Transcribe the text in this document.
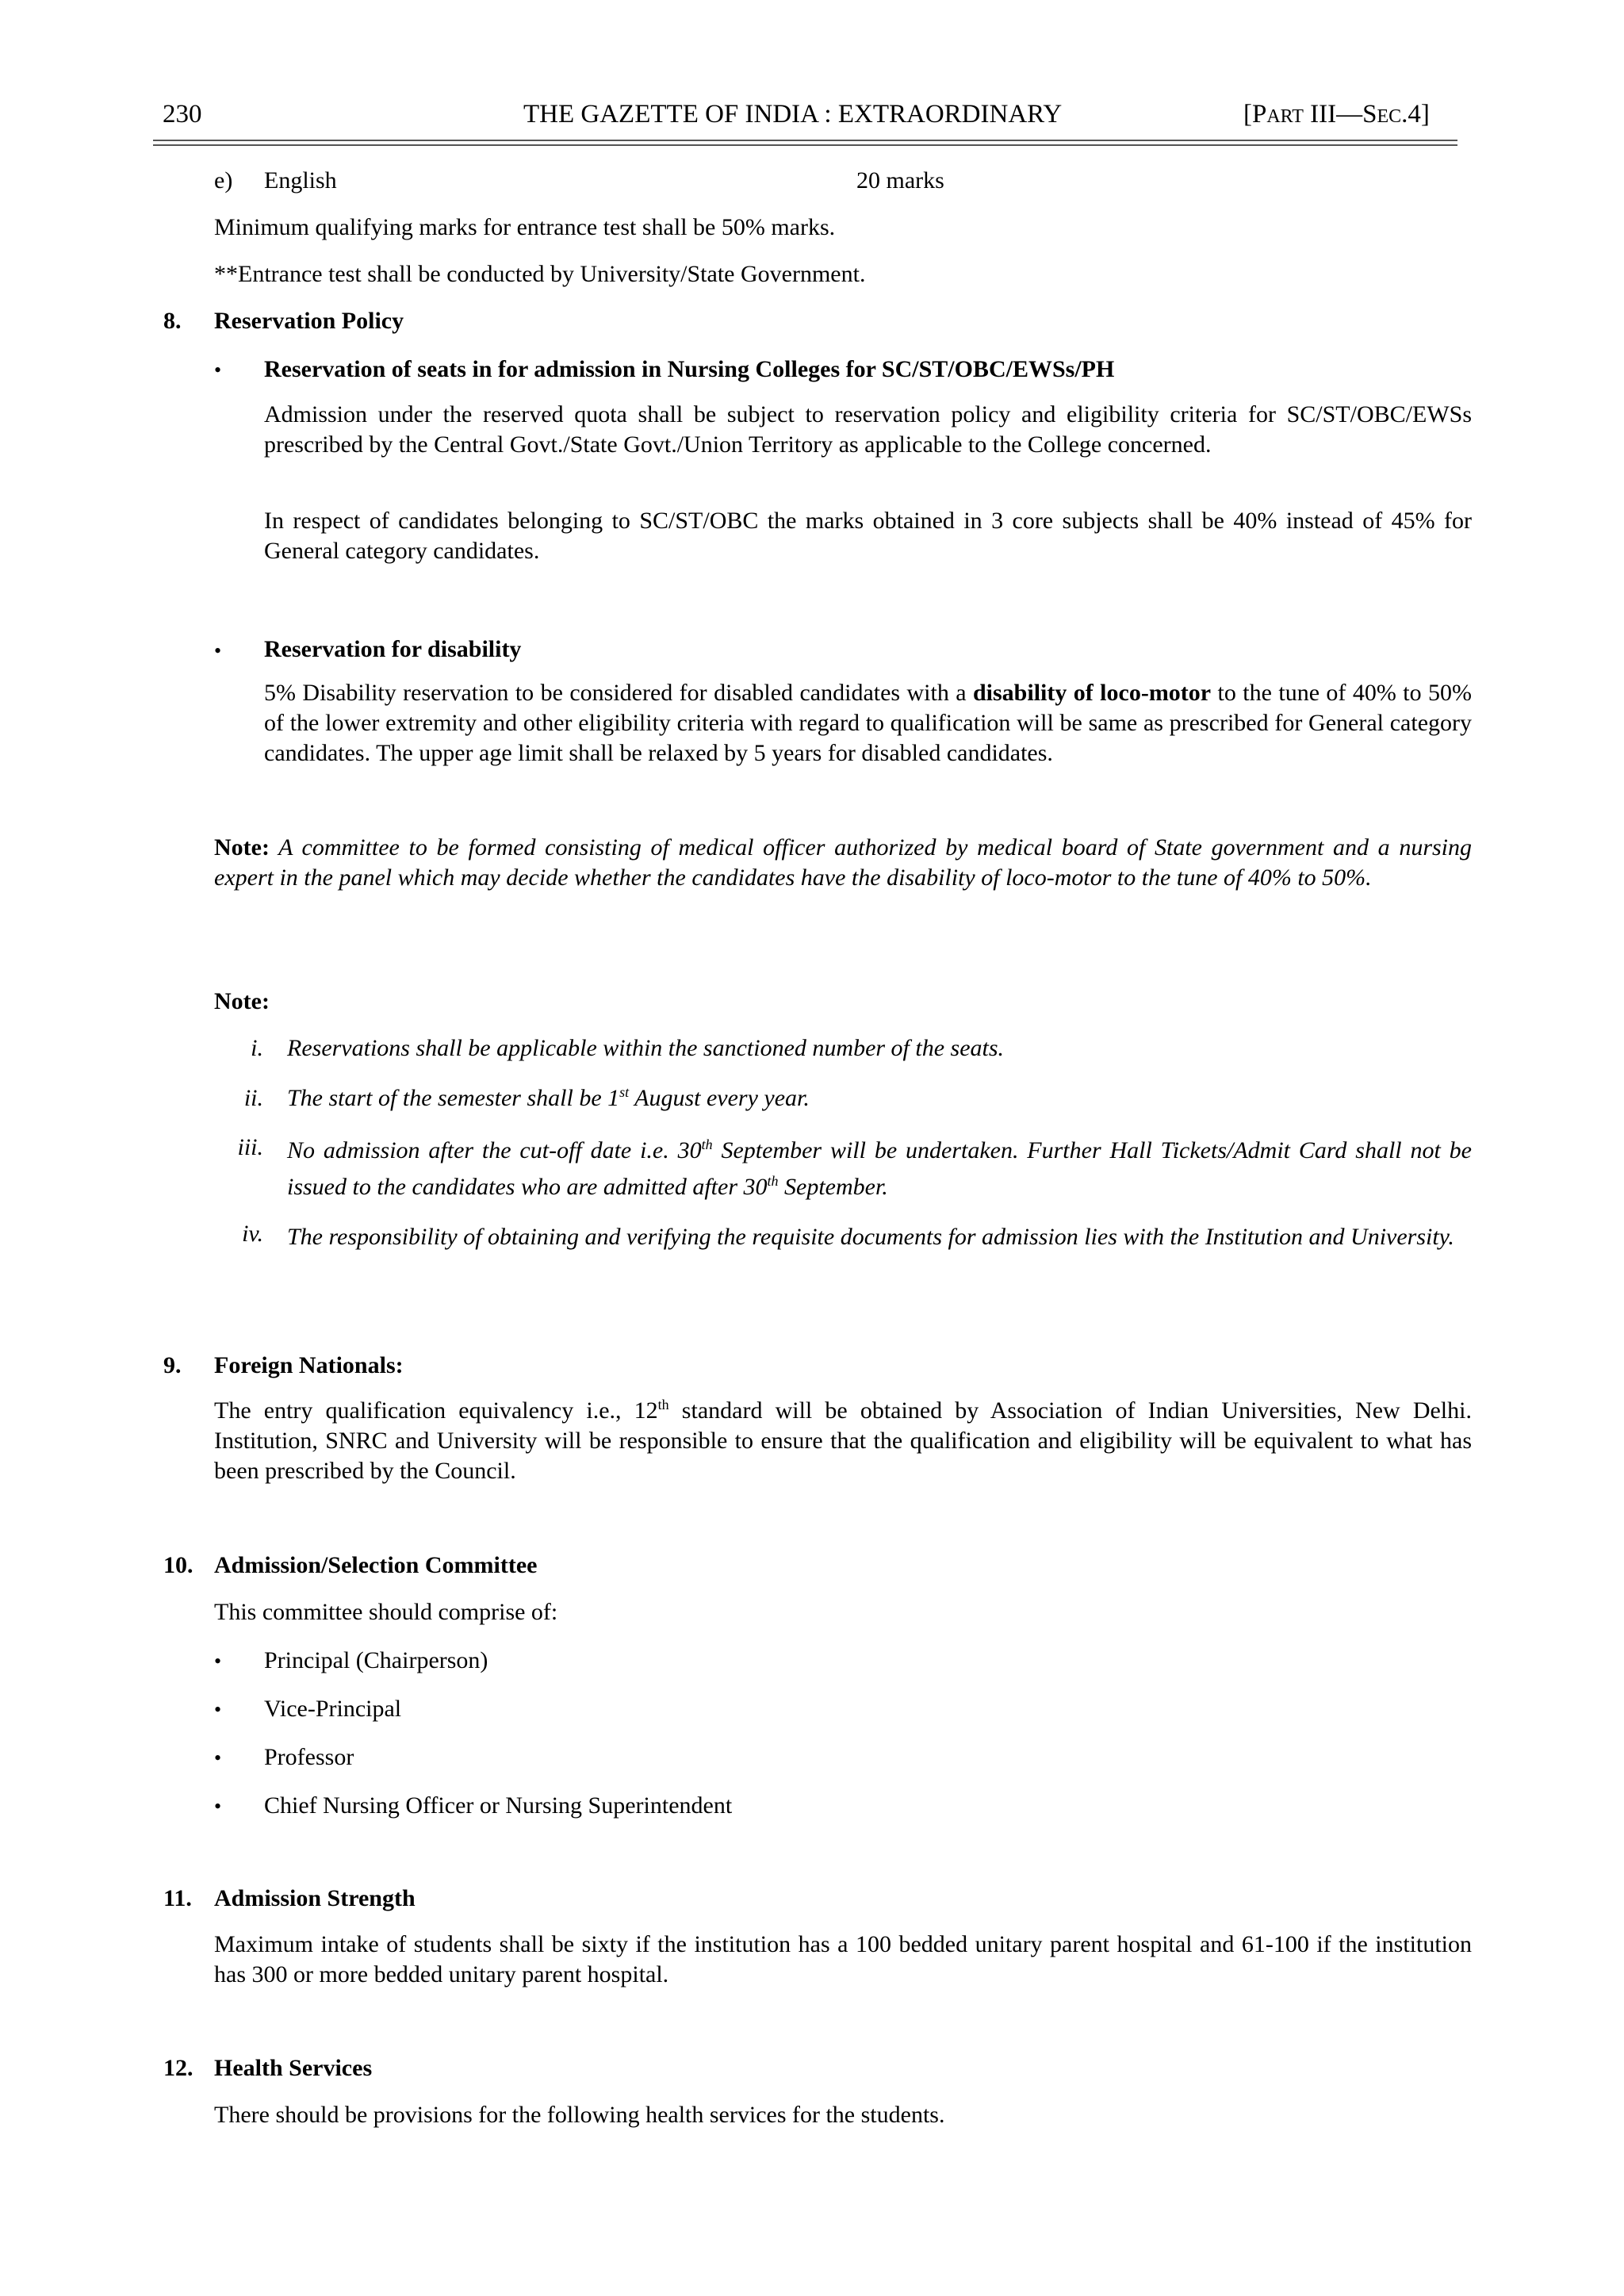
230	THE GAZETTE OF INDIA : EXTRAORDINARY	[PART III—SEC.4]
e) English	20 marks
Minimum qualifying marks for entrance test shall be 50% marks.
**Entrance test shall be conducted by University/State Government.
8. Reservation Policy
• Reservation of seats in for admission in Nursing Colleges for SC/ST/OBC/EWSs/PH
Admission under the reserved quota shall be subject to reservation policy and eligibility criteria for SC/ST/OBC/EWSs prescribed by the Central Govt./State Govt./Union Territory as applicable to the College concerned.
In respect of candidates belonging to SC/ST/OBC the marks obtained in 3 core subjects shall be 40% instead of 45% for General category candidates.
• Reservation for disability
5% Disability reservation to be considered for disabled candidates with a disability of loco-motor to the tune of 40% to 50% of the lower extremity and other eligibility criteria with regard to qualification will be same as prescribed for General category candidates. The upper age limit shall be relaxed by 5 years for disabled candidates.
Note: A committee to be formed consisting of medical officer authorized by medical board of State government and a nursing expert in the panel which may decide whether the candidates have the disability of loco-motor to the tune of 40% to 50%.
Note:
i. Reservations shall be applicable within the sanctioned number of the seats.
ii. The start of the semester shall be 1st August every year.
iii. No admission after the cut-off date i.e. 30th September will be undertaken. Further Hall Tickets/Admit Card shall not be issued to the candidates who are admitted after 30th September.
iv. The responsibility of obtaining and verifying the requisite documents for admission lies with the Institution and University.
9. Foreign Nationals:
The entry qualification equivalency i.e., 12th standard will be obtained by Association of Indian Universities, New Delhi. Institution, SNRC and University will be responsible to ensure that the qualification and eligibility will be equivalent to what has been prescribed by the Council.
10. Admission/Selection Committee
This committee should comprise of:
• Principal (Chairperson)
• Vice-Principal
• Professor
• Chief Nursing Officer or Nursing Superintendent
11. Admission Strength
Maximum intake of students shall be sixty if the institution has a 100 bedded unitary parent hospital and 61-100 if the institution has 300 or more bedded unitary parent hospital.
12. Health Services
There should be provisions for the following health services for the students.
